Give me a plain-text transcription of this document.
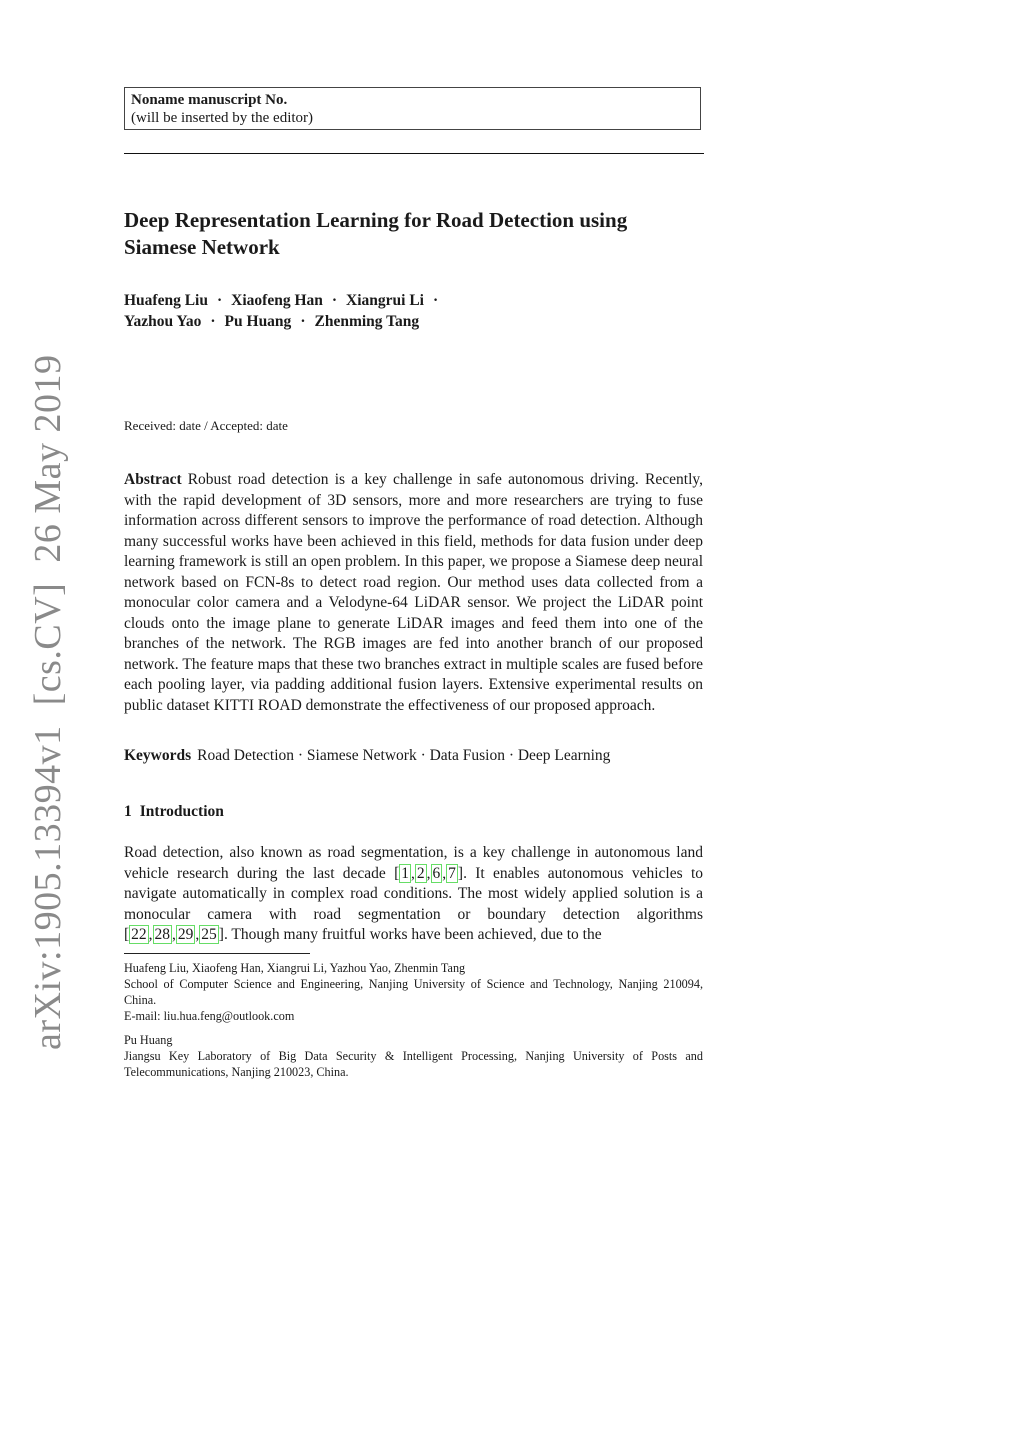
Noname manuscript No.
(will be inserted by the editor)
Deep Representation Learning for Road Detection using
Siamese Network
Huafeng Liu · Xiaofeng Han · Xiangrui Li ·
Yazhou Yao · Pu Huang · Zhenming Tang
Received: date / Accepted: date
Abstract Robust road detection is a key challenge in safe autonomous driving. Recently, with the rapid development of 3D sensors, more and more researchers are trying to fuse information across different sensors to improve the performance of road detection. Although many successful works have been achieved in this field, methods for data fusion under deep learning framework is still an open problem. In this paper, we propose a Siamese deep neural network based on FCN-8s to detect road region. Our method uses data collected from a monocular color camera and a Velodyne-64 LiDAR sensor. We project the LiDAR point clouds onto the image plane to generate LiDAR images and feed them into one of the branches of the network. The RGB images are fed into another branch of our proposed network. The feature maps that these two branches extract in multiple scales are fused before each pooling layer, via padding additional fusion layers. Extensive experimental results on public dataset KITTI ROAD demonstrate the effectiveness of our proposed approach.
Keywords Road Detection · Siamese Network · Data Fusion · Deep Learning
1 Introduction
Road detection, also known as road segmentation, is a key challenge in autonomous land vehicle research during the last decade [ 1 , 2 , 6 , 7 ]. It enables autonomous vehicles to navigate automatically in complex road conditions. The most widely applied solution is a monocular camera with road segmentation or boundary detection algorithms [ 22 , 28 , 29 , 25 ]. Though many fruitful works have been achieved, due to the

Huafeng Liu, Xiaofeng Han, Xiangrui Li, Yazhou Yao, Zhenmin Tang

School of Computer Science and Engineering, Nanjing University of Science and Technology, Nanjing 210094, China.

E-mail: liu.hua.feng@outlook.com

Pu Huang

Jiangsu Key Laboratory of Big Data Security & Intelligent Processing, Nanjing University of Posts and Telecommunications, Nanjing 210023, China.

arXiv:1905.13394v1  [cs.CV]  26 May 2019
